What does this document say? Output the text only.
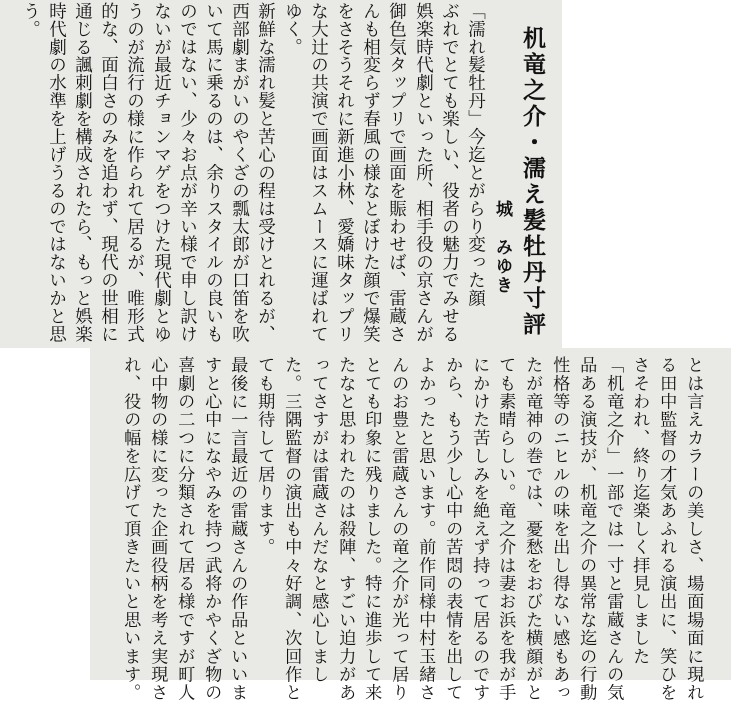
机竜之介・濡え髪牡丹寸評
城　みゆき
「濡れ髪牡丹」今迄とがらり変った顔
ぶれでとても楽しい、役者の魅力でみせる
娯楽時代劇といった所、相手役の京さんが
御色気タップリで画面を賑わせば、雷蔵さ
んも相変らず春風の様なとぼけた顔で爆笑
をさそうそれに新進小林、愛嬌味タップリ
な大辻の共演で画面はスムースに運ばれて
ゆく。
新鮮な濡れ髪と苦心の程は受けとれるが、
西部劇まがいのやくざの瓢太郎が口笛を吹
いて馬に乗るのは、余りスタイルの良いも
のではない、少々お点が辛い様で申し訳け
ないが最近チョンマゲをつけた現代劇とゆ
うのが流行の様に作られて居るが、唯形式
的な、面白さのみを追わず、現代の世相に
通じる諷刺劇を構成されたら、もっと娯楽
時代劇の水準を上げうるのではないかと思
う。
とは言えカラーの美しさ、場面場面に現れ
る田中監督の才気あふれる演出に、笑ひを
さそわれ、終り迄楽しく拝見しました
「机竜之介」一部では一寸と雷蔵さんの気
品ある演技が、机竜之介の異常な迄の行動
性格等のニヒルの味を出し得ない感もあっ
たが竜神の巻では、憂愁をおびた横顔がと
ても素晴らしい。竜之介は妻お浜を我が手
にかけた苦しみを絶えず持って居るのです
から、もう少し心中の苦悶の表情を出して
よかったと思います。前作同様中村玉緒さ
んのお豊と雷蔵さんの竜之介が光って居り
とても印象に残りました。特に進歩して来
たなと思われたのは殺陣、すごい迫力があ
ってさすがは雷蔵さんだなと感心しまし
た。三隅監督の演出も中々好調、次回作と
ても期待して居ります。
最後に一言最近の雷蔵さんの作品といいま
すと心中になやみを持つ武将かやくざ物の
喜劇の二つに分類されて居る様ですが町人
心中物の様に変った企画役柄を考え実現さ
れ、役の幅を広げて頂きたいと思います。
